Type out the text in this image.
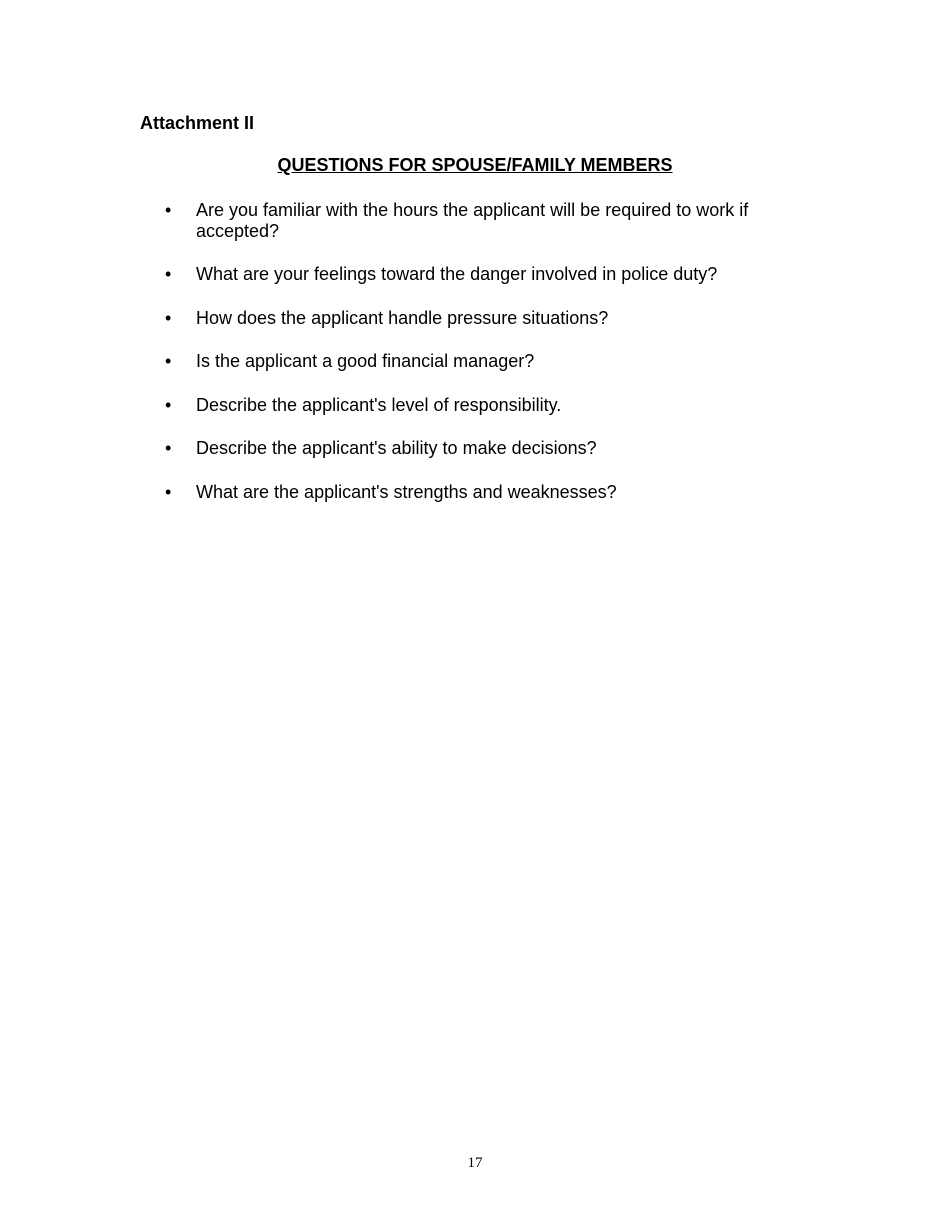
Attachment II
QUESTIONS FOR SPOUSE/FAMILY MEMBERS
•	Are you familiar with the hours the applicant will be required to work if accepted?
•	What are your feelings toward the danger involved in police duty?
•	How does the applicant handle pressure situations?
•	Is the applicant a good financial manager?
•	Describe the applicant's level of responsibility.
•	Describe the applicant's ability to make decisions?
•	What are the applicant's strengths and weaknesses?
17
